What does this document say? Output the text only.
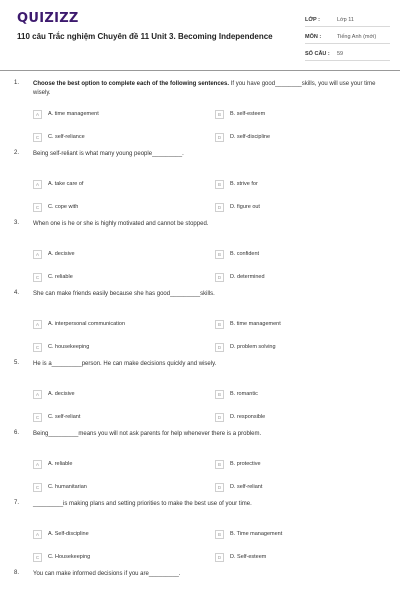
QUIZIZZ
110 câu Trắc nghiệm Chuyên đề 11 Unit 3. Becoming Independence
LỚP :	Lớp 11
MÔN :	Tiếng Anh (mới)
SỐ CÂU :	59
1. Choose the best option to complete each of the following sentences. If you have good________skills, you will use your time wisely.
A	A. time management	B	B. self-esteem
C	C. self-reliance	D	D. self-discipline
2. Being self-reliant is what many young people_________.
A	A. take care of	B	B. strive for
C	C. cope with	D	D. figure out
3. When one is he or she is highly motivated and cannot be stopped.
A	A. decisive	B	B. confident
C	C. reliable	D	D. determined
4. She can make friends easily because she has good_________skills.
A	A. interpersonal communication	B	B. time management
C	C. housekeeping	D	D. problem solving
5. He is a_________person. He can make decisions quickly and wisely.
A	A. decisive	B	B. romantic
C	C. self-reliant	D	D. responsible
6. Being_________means you will not ask parents for help whenever there is a problem.
A	A. reliable	B	B. protective
C	C. humanitarian	D	D. self-reliant
7. _________is making plans and setting priorities to make the best use of your time.
A	A. Self-discipline	B	B. Time management
C	C. Housekeeping	D	D. Self-esteem
8. You can make informed decisions if you are_________.
